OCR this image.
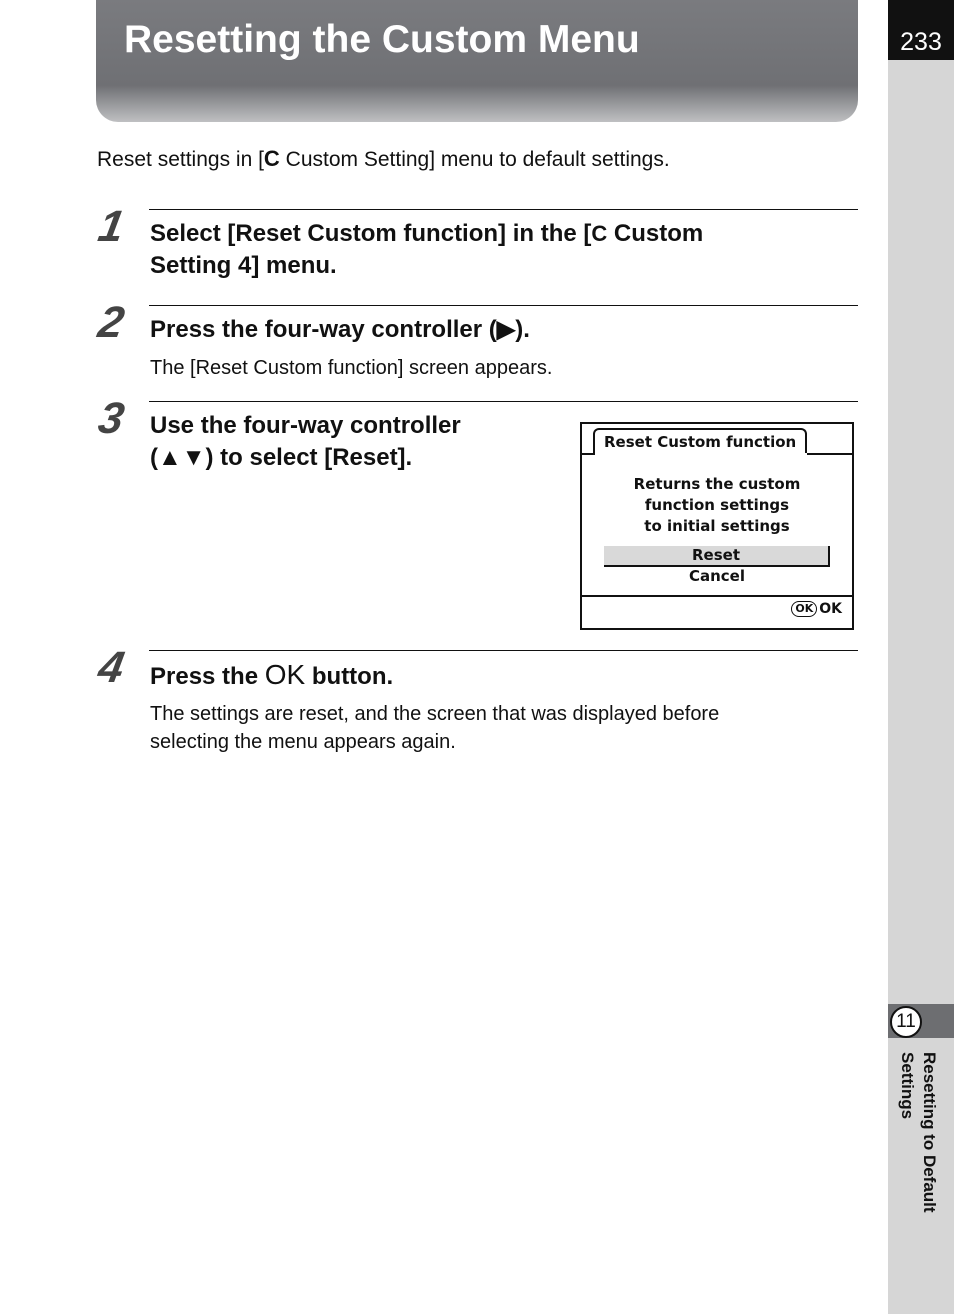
Resetting the Custom Menu	233
11
Resetting to Default Settings
Reset settings in [C Custom Setting] menu to default settings.
1 Select [Reset Custom function] in the [C Custom
Setting 4] menu.
2 Press the four-way controller (▶).
The [Reset Custom function] screen appears.
3 Use the four-way controller
(▲▼) to select [Reset].
Reset Custom function
Returns the custom
function settings
to initial settings
Reset
Cancel
OK OK
4 Press the OK button.
The settings are reset, and the screen that was displayed before
selecting the menu appears again.
